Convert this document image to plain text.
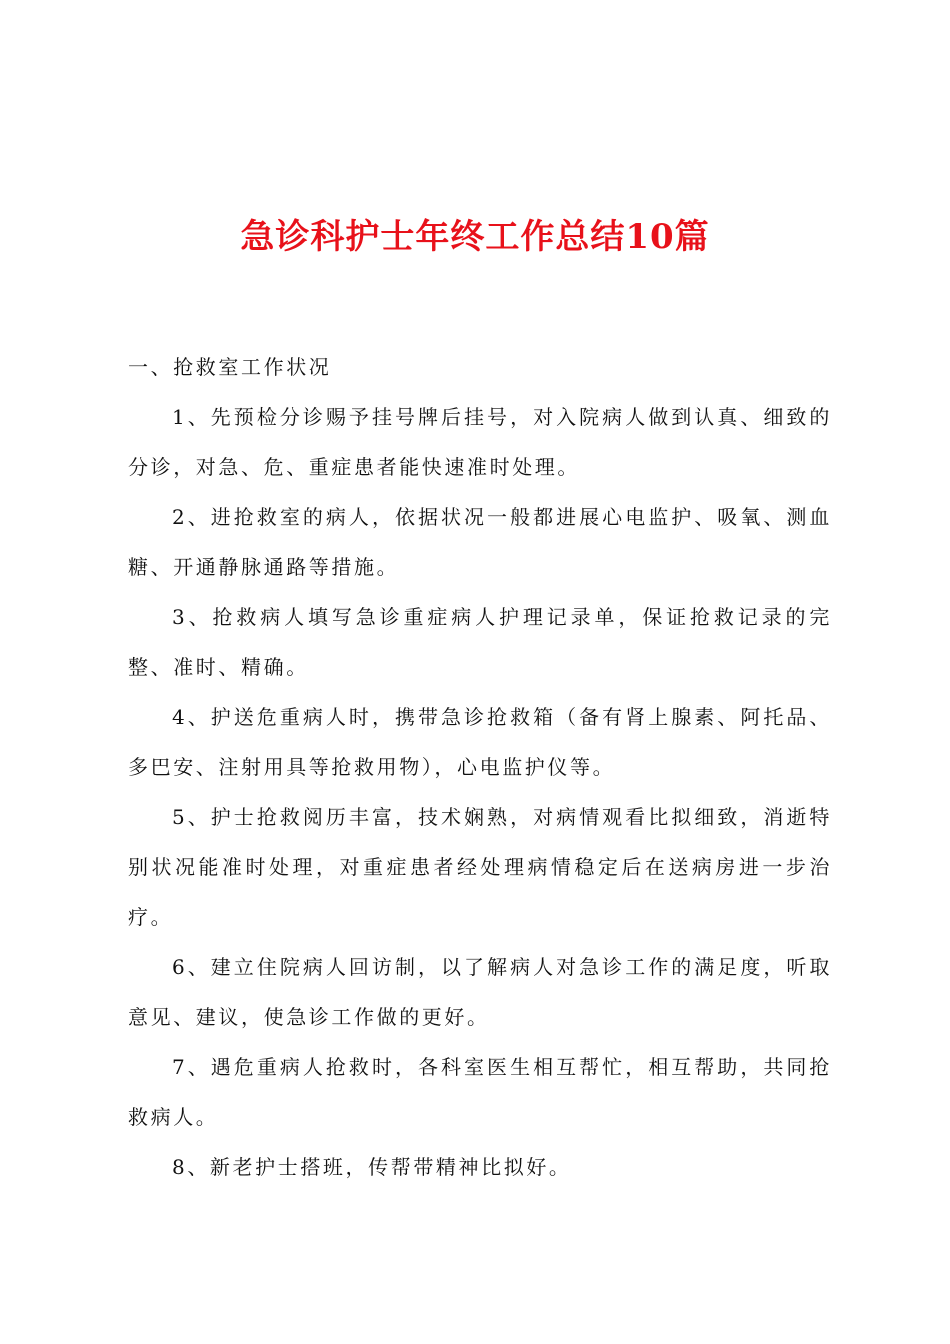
急诊科护士年终工作总结10篇

一、抢救室工作状况

1、先预检分诊赐予挂号牌后挂号，对入院病人做到认真、细致的分诊，对急、危、重症患者能快速准时处理。

2、进抢救室的病人，依据状况一般都进展心电监护、吸氧、测血糖、开通静脉通路等措施。

3、抢救病人填写急诊重症病人护理记录单，保证抢救记录的完整、准时、精确。

4、护送危重病人时，携带急诊抢救箱（备有肾上腺素、阿托品、多巴安、注射用具等抢救用物），心电监护仪等。

5、护士抢救阅历丰富，技术娴熟，对病情观看比拟细致，消逝特别状况能准时处理，对重症患者经处理病情稳定后在送病房进一步治疗。

6、建立住院病人回访制，以了解病人对急诊工作的满足度，听取意见、建议，使急诊工作做的更好。

7、遇危重病人抢救时，各科室医生相互帮忙，相互帮助，共同抢救病人。

8、新老护士搭班，传帮带精神比拟好。
